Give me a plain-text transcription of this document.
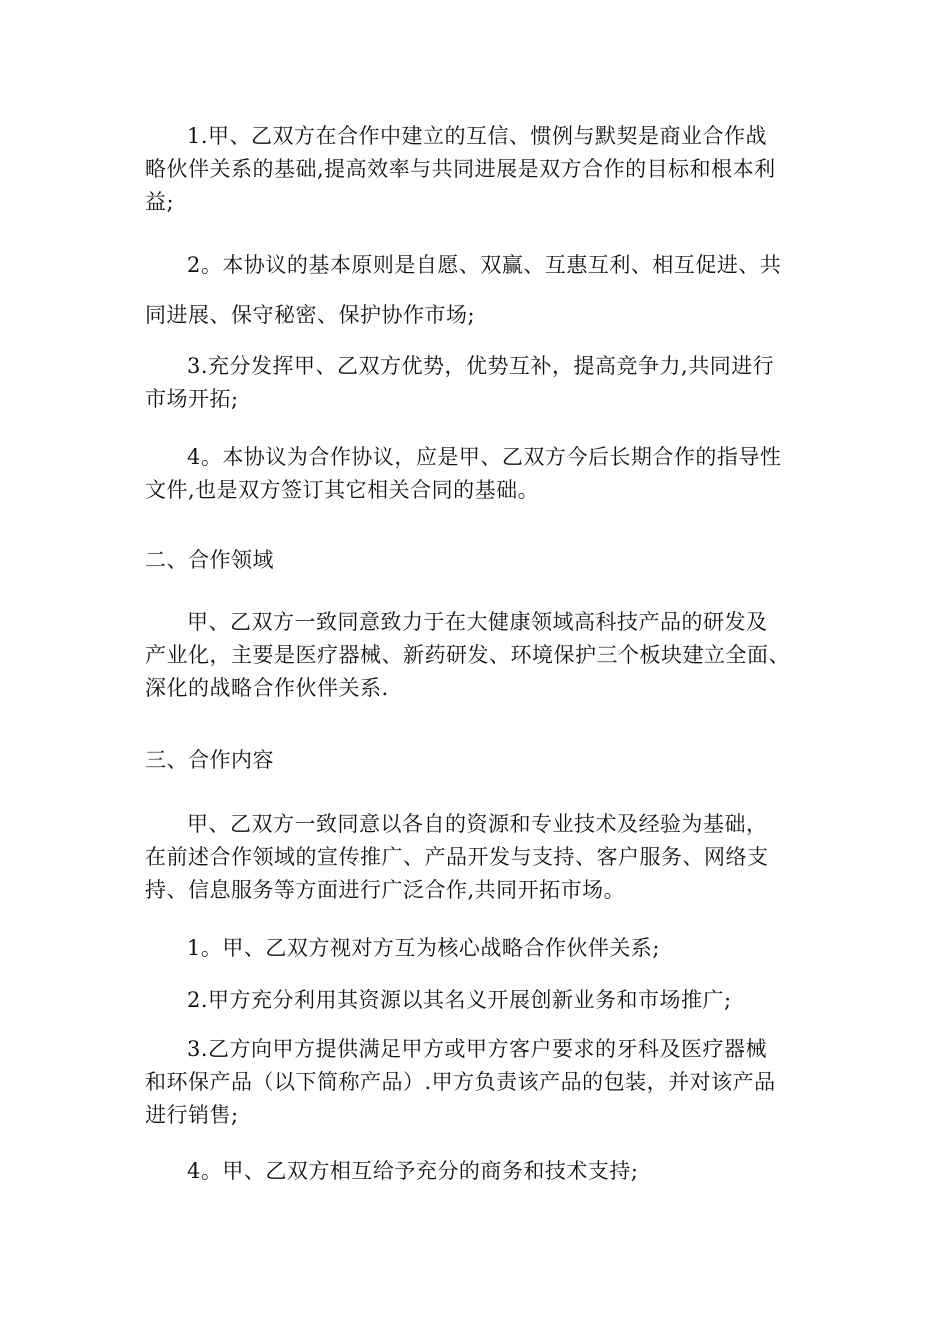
1.甲、乙双方在合作中建立的互信、惯例与默契是商业合作战
略伙伴关系的基础,提高效率与共同进展是双方合作的目标和根本利
益;

2。本协议的基本原则是自愿、双赢、互惠互利、相互促进、共
同进展、保守秘密、保护协作市场;

3.充分发挥甲、乙双方优势，优势互补，提高竞争力,共同进行
市场开拓;

4。本协议为合作协议，应是甲、乙双方今后长期合作的指导性
文件,也是双方签订其它相关合同的基础。

二、合作领域

甲、乙双方一致同意致力于在大健康领域高科技产品的研发及
产业化，主要是医疗器械、新药研发、环境保护三个板块建立全面、
深化的战略合作伙伴关系.

三、合作内容

甲、乙双方一致同意以各自的资源和专业技术及经验为基础，
在前述合作领域的宣传推广、产品开发与支持、客户服务、网络支
持、信息服务等方面进行广泛合作,共同开拓市场。

1。甲、乙双方视对方互为核心战略合作伙伴关系;

2.甲方充分利用其资源以其名义开展创新业务和市场推广;

3.乙方向甲方提供满足甲方或甲方客户要求的牙科及医疗器械
和环保产品（以下简称产品）.甲方负责该产品的包装，并对该产品
进行销售;

4。甲、乙双方相互给予充分的商务和技术支持;
